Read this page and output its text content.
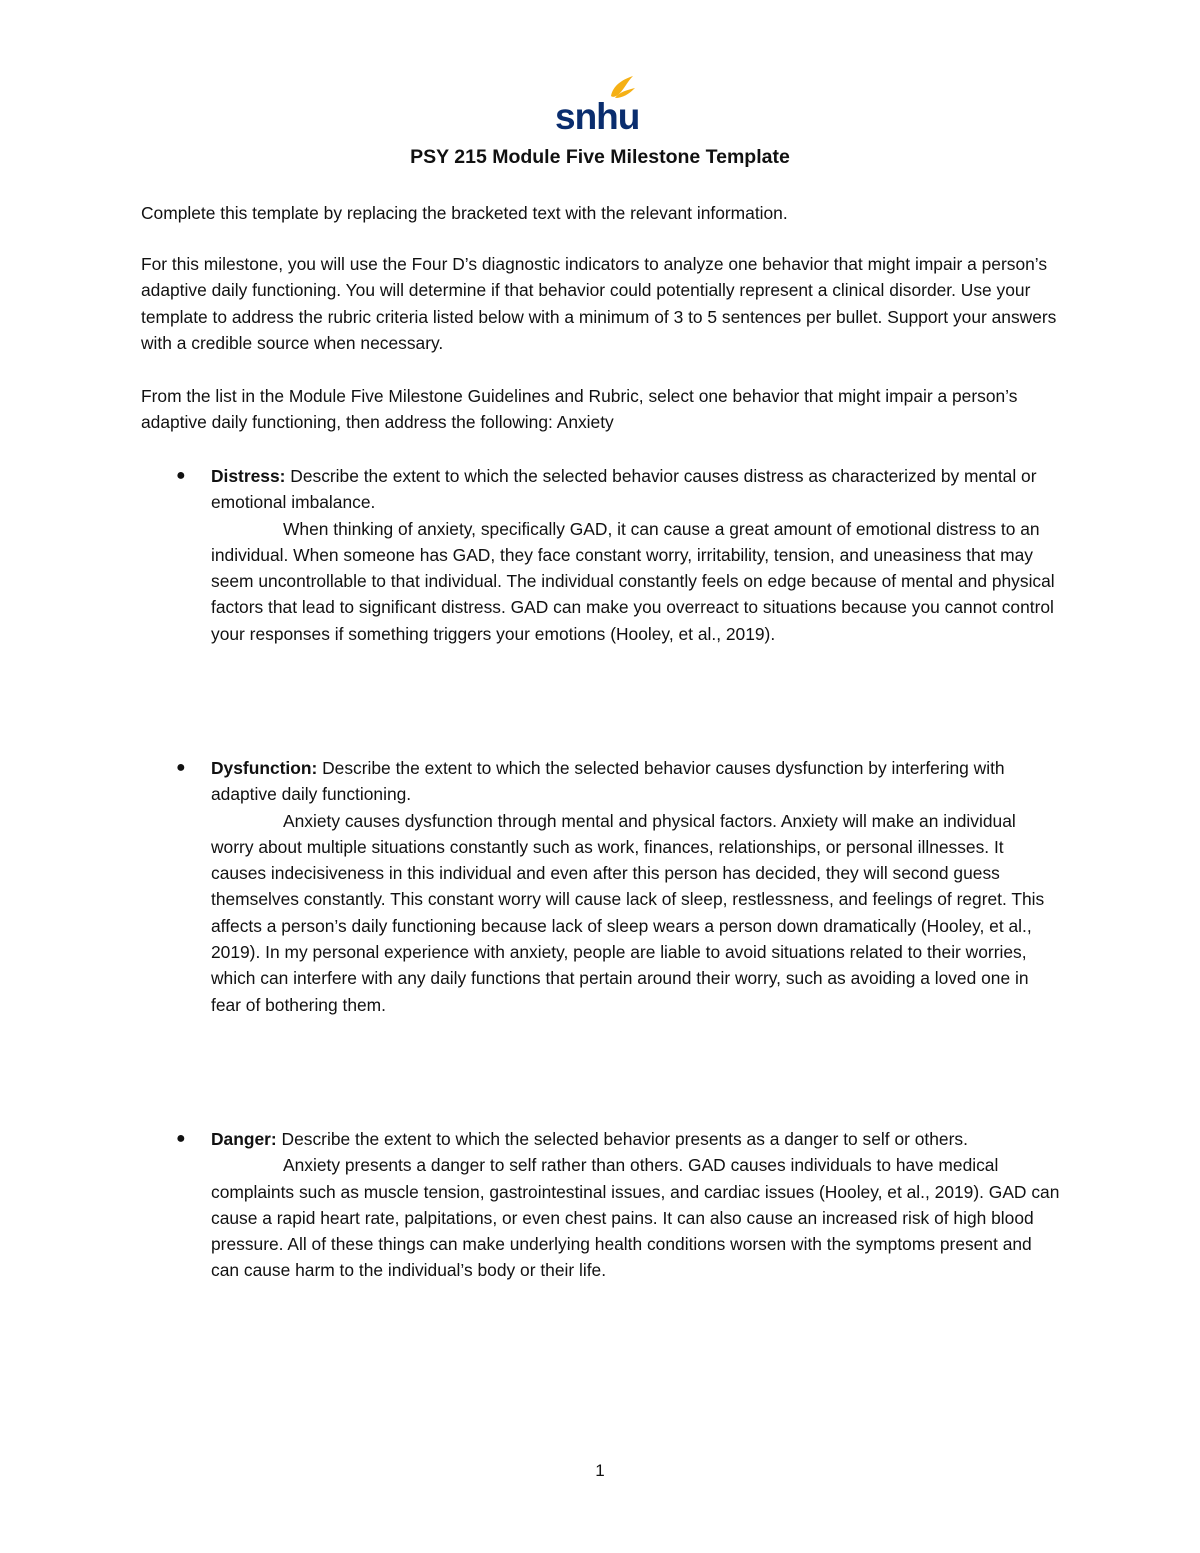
snhu
PSY 215 Module Five Milestone Template

Complete this template by replacing the bracketed text with the relevant information.

For this milestone, you will use the Four D’s diagnostic indicators to analyze one behavior that might impair a person’s adaptive daily functioning. You will determine if that behavior could potentially represent a clinical disorder. Use your template to address the rubric criteria listed below with a minimum of 3 to 5 sentences per bullet. Support your answers with a credible source when necessary.

From the list in the Module Five Milestone Guidelines and Rubric, select one behavior that might impair a person’s adaptive daily functioning, then address the following: Anxiety

● Distress: Describe the extent to which the selected behavior causes distress as characterized by mental or emotional imbalance.
When thinking of anxiety, specifically GAD, it can cause a great amount of emotional distress to an individual. When someone has GAD, they face constant worry, irritability, tension, and uneasiness that may seem uncontrollable to that individual. The individual constantly feels on edge because of mental and physical factors that lead to significant distress. GAD can make you overreact to situations because you cannot control your responses if something triggers your emotions (Hooley, et al., 2019).
● Dysfunction: Describe the extent to which the selected behavior causes dysfunction by interfering with adaptive daily functioning.
Anxiety causes dysfunction through mental and physical factors. Anxiety will make an individual worry about multiple situations constantly such as work, finances, relationships, or personal illnesses. It causes indecisiveness in this individual and even after this person has decided, they will second guess themselves constantly. This constant worry will cause lack of sleep, restlessness, and feelings of regret. This affects a person’s daily functioning because lack of sleep wears a person down dramatically (Hooley, et al., 2019). In my personal experience with anxiety, people are liable to avoid situations related to their worries, which can interfere with any daily functions that pertain around their worry, such as avoiding a loved one in fear of bothering them.
● Danger: Describe the extent to which the selected behavior presents as a danger to self or others.
Anxiety presents a danger to self rather than others. GAD causes individuals to have medical complaints such as muscle tension, gastrointestinal issues, and cardiac issues (Hooley, et al., 2019). GAD can cause a rapid heart rate, palpitations, or even chest pains. It can also cause an increased risk of high blood pressure. All of these things can make underlying health conditions worsen with the symptoms present and can cause harm to the individual’s body or their life.
1
